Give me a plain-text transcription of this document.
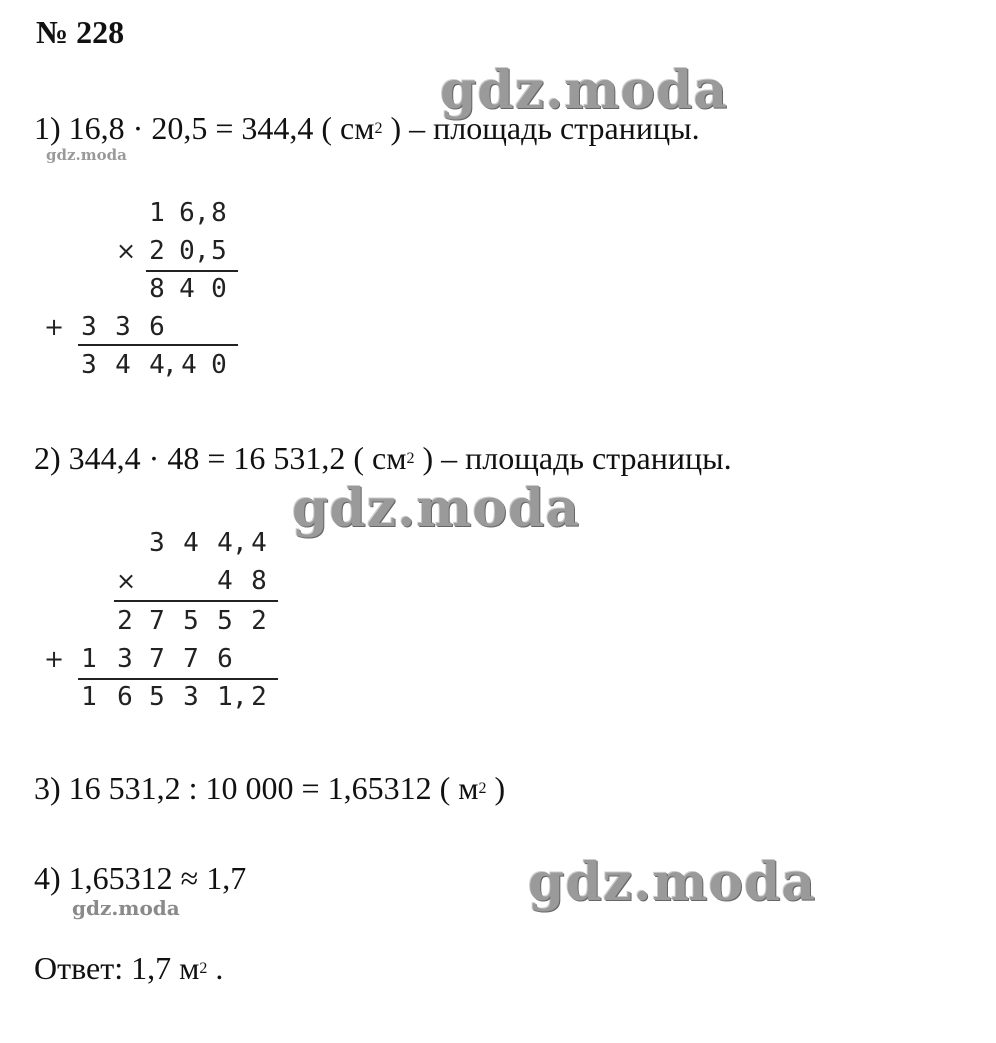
№ 228
gdz.moda
gdz.moda
gdz.moda
gdz.moda
gdz.moda
1) 16,8 · 20,5 = 344,4 ( $см^2$ ) – площадь страницы.
1 6 , 8
× 2 0 , 5
8 4 0
+ 3 3 6
3 4 4
, 4 0
2) 344,4 · 48 = 16 531,2 ( $см^2$ ) – площадь страницы.
3 4 4 , 4
×	4 8
2 7 5 5 2
+ 1 3 7 7 6
1 6 5 3 1 , 2
3) 16 531,2 : 10 000 = 1,65312 ( $м^2$ )
4) 1,65312 ≈ 1,7
Ответ: 1,7 $м^2$ .
